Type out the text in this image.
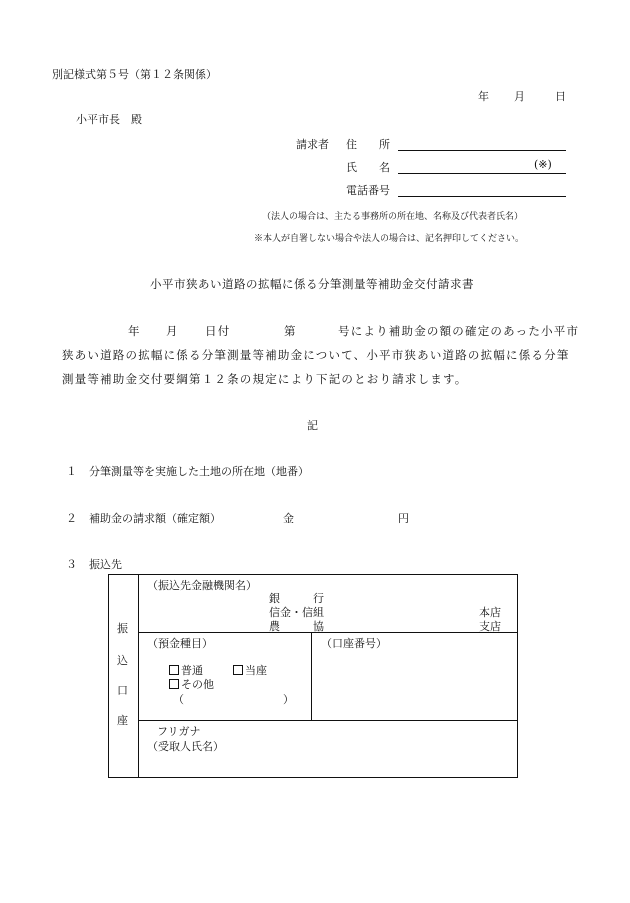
別記様式第５号（第１２条関係）
年 月	日
小平市長　殿
請求者 住　　所
氏　　名	(※)
電話番号
（法人の場合は、主たる事務所の所在地、名称及び代表者氏名）
※本人が自署しない場合や法人の場合は、記名押印してください。
小平市狭あい道路の拡幅に係る分筆測量等補助金交付請求書
年 月 日付	第	号により補助金の額の確定のあった小平市
狭あい道路の拡幅に係る分筆測量等補助金について、小平市狭あい道路の拡幅に係る分筆
測量等補助金交付要綱第１２条の規定により下記のとおり請求します。
記
１ 分筆測量等を実施した土地の所在地（地番）
２ 補助金の請求額（確定額）	金	円
３ 振込先
振
込
口
座
（振込先金融機関名）
銀　　　行
信金・信組
農　　　協
本店
支店
（預金種目）
普通	当座
その他
（	）
（口座番号）
フリガナ
（受取人氏名）
